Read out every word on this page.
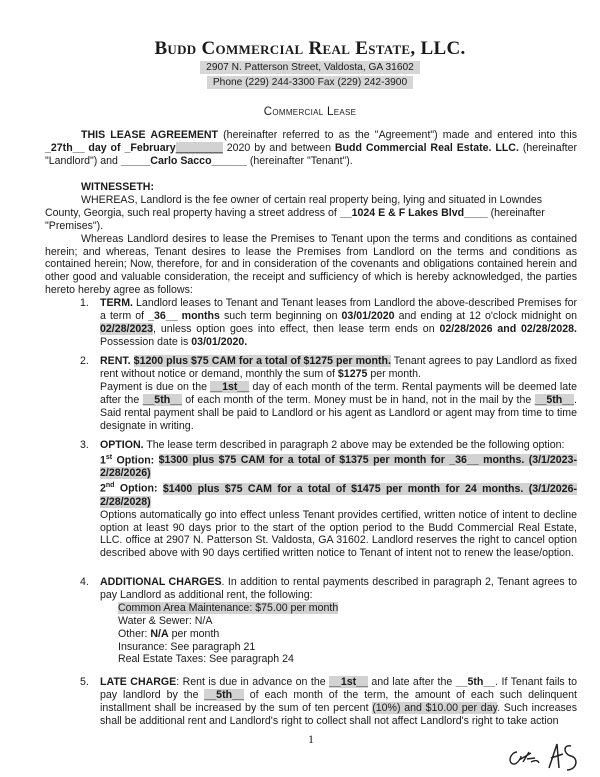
Budd Commercial Real Estate, LLC.
2907 N. Patterson Street, Valdosta, GA 31602
Phone (229) 244-3300 Fax (229) 242-3900
Commercial Lease
THIS LEASE AGREEMENT (hereinafter referred to as the "Agreement") made and entered into this _27th__ day of _February________ 2020 by and between Budd Commercial Real Estate. LLC. (hereinafter "Landlord") and _____Carlo Sacco______ (hereinafter "Tenant").
WITNESSETH:
WHEREAS, Landlord is the fee owner of certain real property being, lying and situated in Lowndes County, Georgia, such real property having a street address of __1024 E & F Lakes Blvd____ (hereinafter "Premises").
Whereas Landlord desires to lease the Premises to Tenant upon the terms and conditions as contained herein; and whereas, Tenant desires to lease the Premises from Landlord on the terms and conditions as contained herein; Now, therefore, for and in consideration of the covenants and obligations contained herein and other good and valuable consideration, the receipt and sufficiency of which is hereby acknowledged, the parties hereto hereby agree as follows:
1. TERM. Landlord leases to Tenant and Tenant leases from Landlord the above-described Premises for a term of _36__ months such term beginning on 03/01/2020 and ending at 12 o'clock midnight on 02/28/2023, unless option goes into effect, then lease term ends on 02/28/2026 and 02/28/2028. Possession date is 03/01/2020.
2. RENT. $1200 plus $75 CAM for a total of $1275 per month. Tenant agrees to pay Landlord as fixed rent without notice or demand, monthly the sum of $1275 per month.
Payment is due on the __1st__ day of each month of the term. Rental payments will be deemed late after the __5th__ of each month of the term. Money must be in hand, not in the mail by the __5th__. Said rental payment shall be paid to Landlord or his agent as Landlord or agent may from time to time designate in writing.
3. OPTION. The lease term described in paragraph 2 above may be extended be the following option:
1st Option: $1300 plus $75 CAM for a total of $1375 per month for _36__ months. (3/1/2023-2/28/2026)
2nd Option: $1400 plus $75 CAM for a total of $1475 per month for 24 months. (3/1/2026-2/28/2028)
Options automatically go into effect unless Tenant provides certified, written notice of intent to decline option at least 90 days prior to the start of the option period to the Budd Commercial Real Estate, LLC. office at 2907 N. Patterson St. Valdosta, GA 31602. Landlord reserves the right to cancel option described above with 90 days certified written notice to Tenant of intent not to renew the lease/option.
4. ADDITIONAL CHARGES. In addition to rental payments described in paragraph 2, Tenant agrees to pay Landlord as additional rent, the following:
Common Area Maintenance: $75.00 per month
Water & Sewer: N/A
Other: N/A per month
Insurance: See paragraph 21
Real Estate Taxes: See paragraph 24
5. LATE CHARGE: Rent is due in advance on the __1st__ and late after the __5th__. If Tenant fails to pay landlord by the __5th__ of each month of the term, the amount of each such delinquent installment shall be increased by the sum of ten percent (10%) and $10.00 per day. Such increases shall be additional rent and Landlord's right to collect shall not affect Landlord's right to take action
1
